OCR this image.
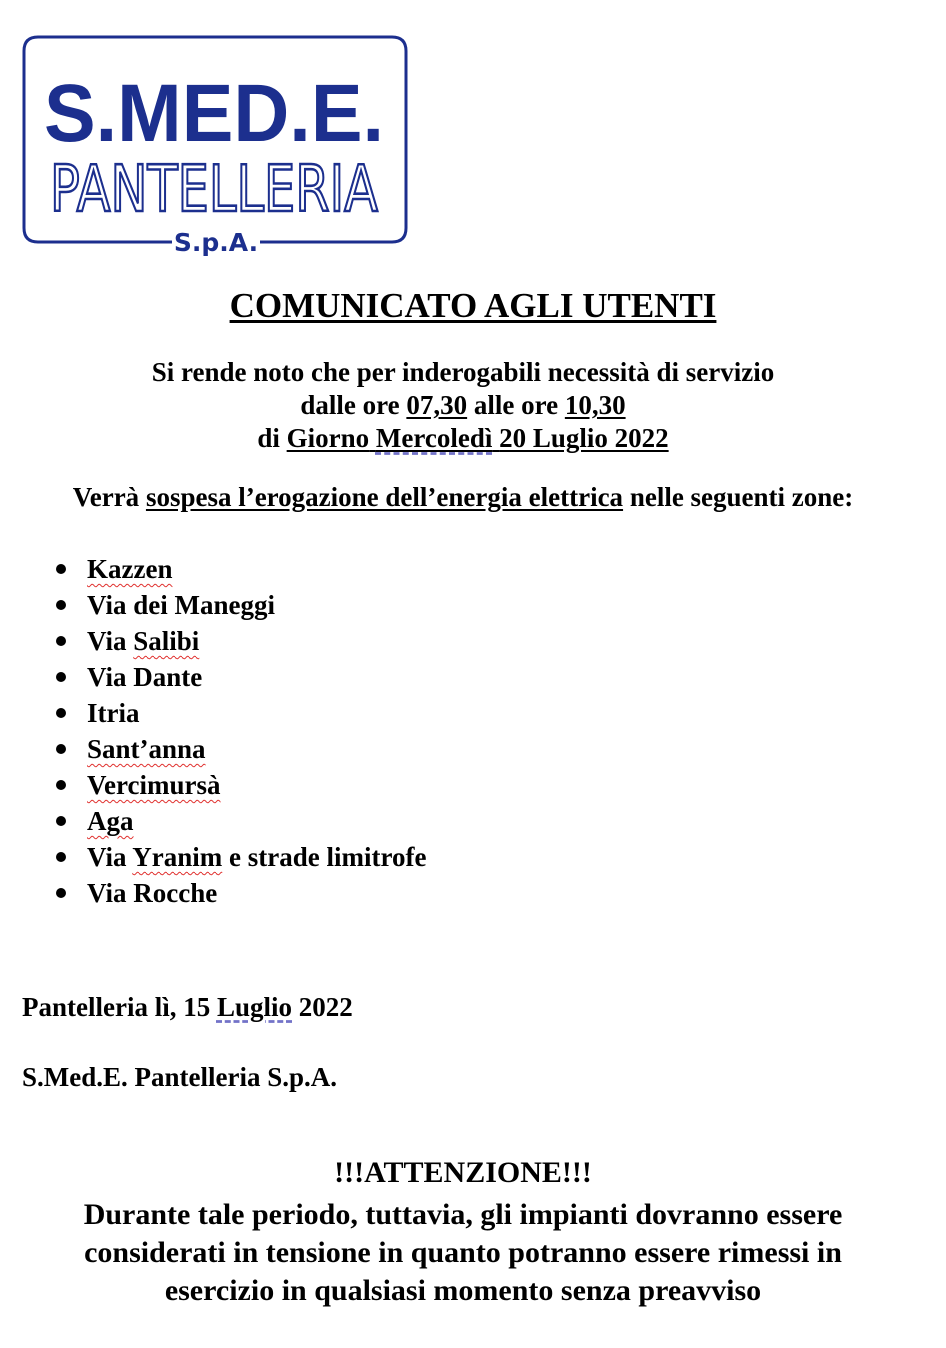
S.MED.E.
PANTELLERIA
S.p.A.
COMUNICATO AGLI UTENTI
Si rende noto che per inderogabili necessità di servizio
dalle ore 07,30 alle ore 10,30
di Giorno Mercoledì 20 Luglio 2022
Verrà sospesa l’erogazione dell’energia elettrica nelle seguenti zone:
Kazzen
Via dei Maneggi
Via Salibi
Via Dante
Itria
Sant’anna
Vercimursà
Aga
Via Yranim e strade limitrofe
Via Rocche
Pantelleria lì, 15 Luglio 2022
S.Med.E. Pantelleria S.p.A.
!!!ATTENZIONE!!!
Durante tale periodo, tuttavia, gli impianti dovranno essere
considerati in tensione in quanto potranno essere rimessi in
esercizio in qualsiasi momento senza preavviso
